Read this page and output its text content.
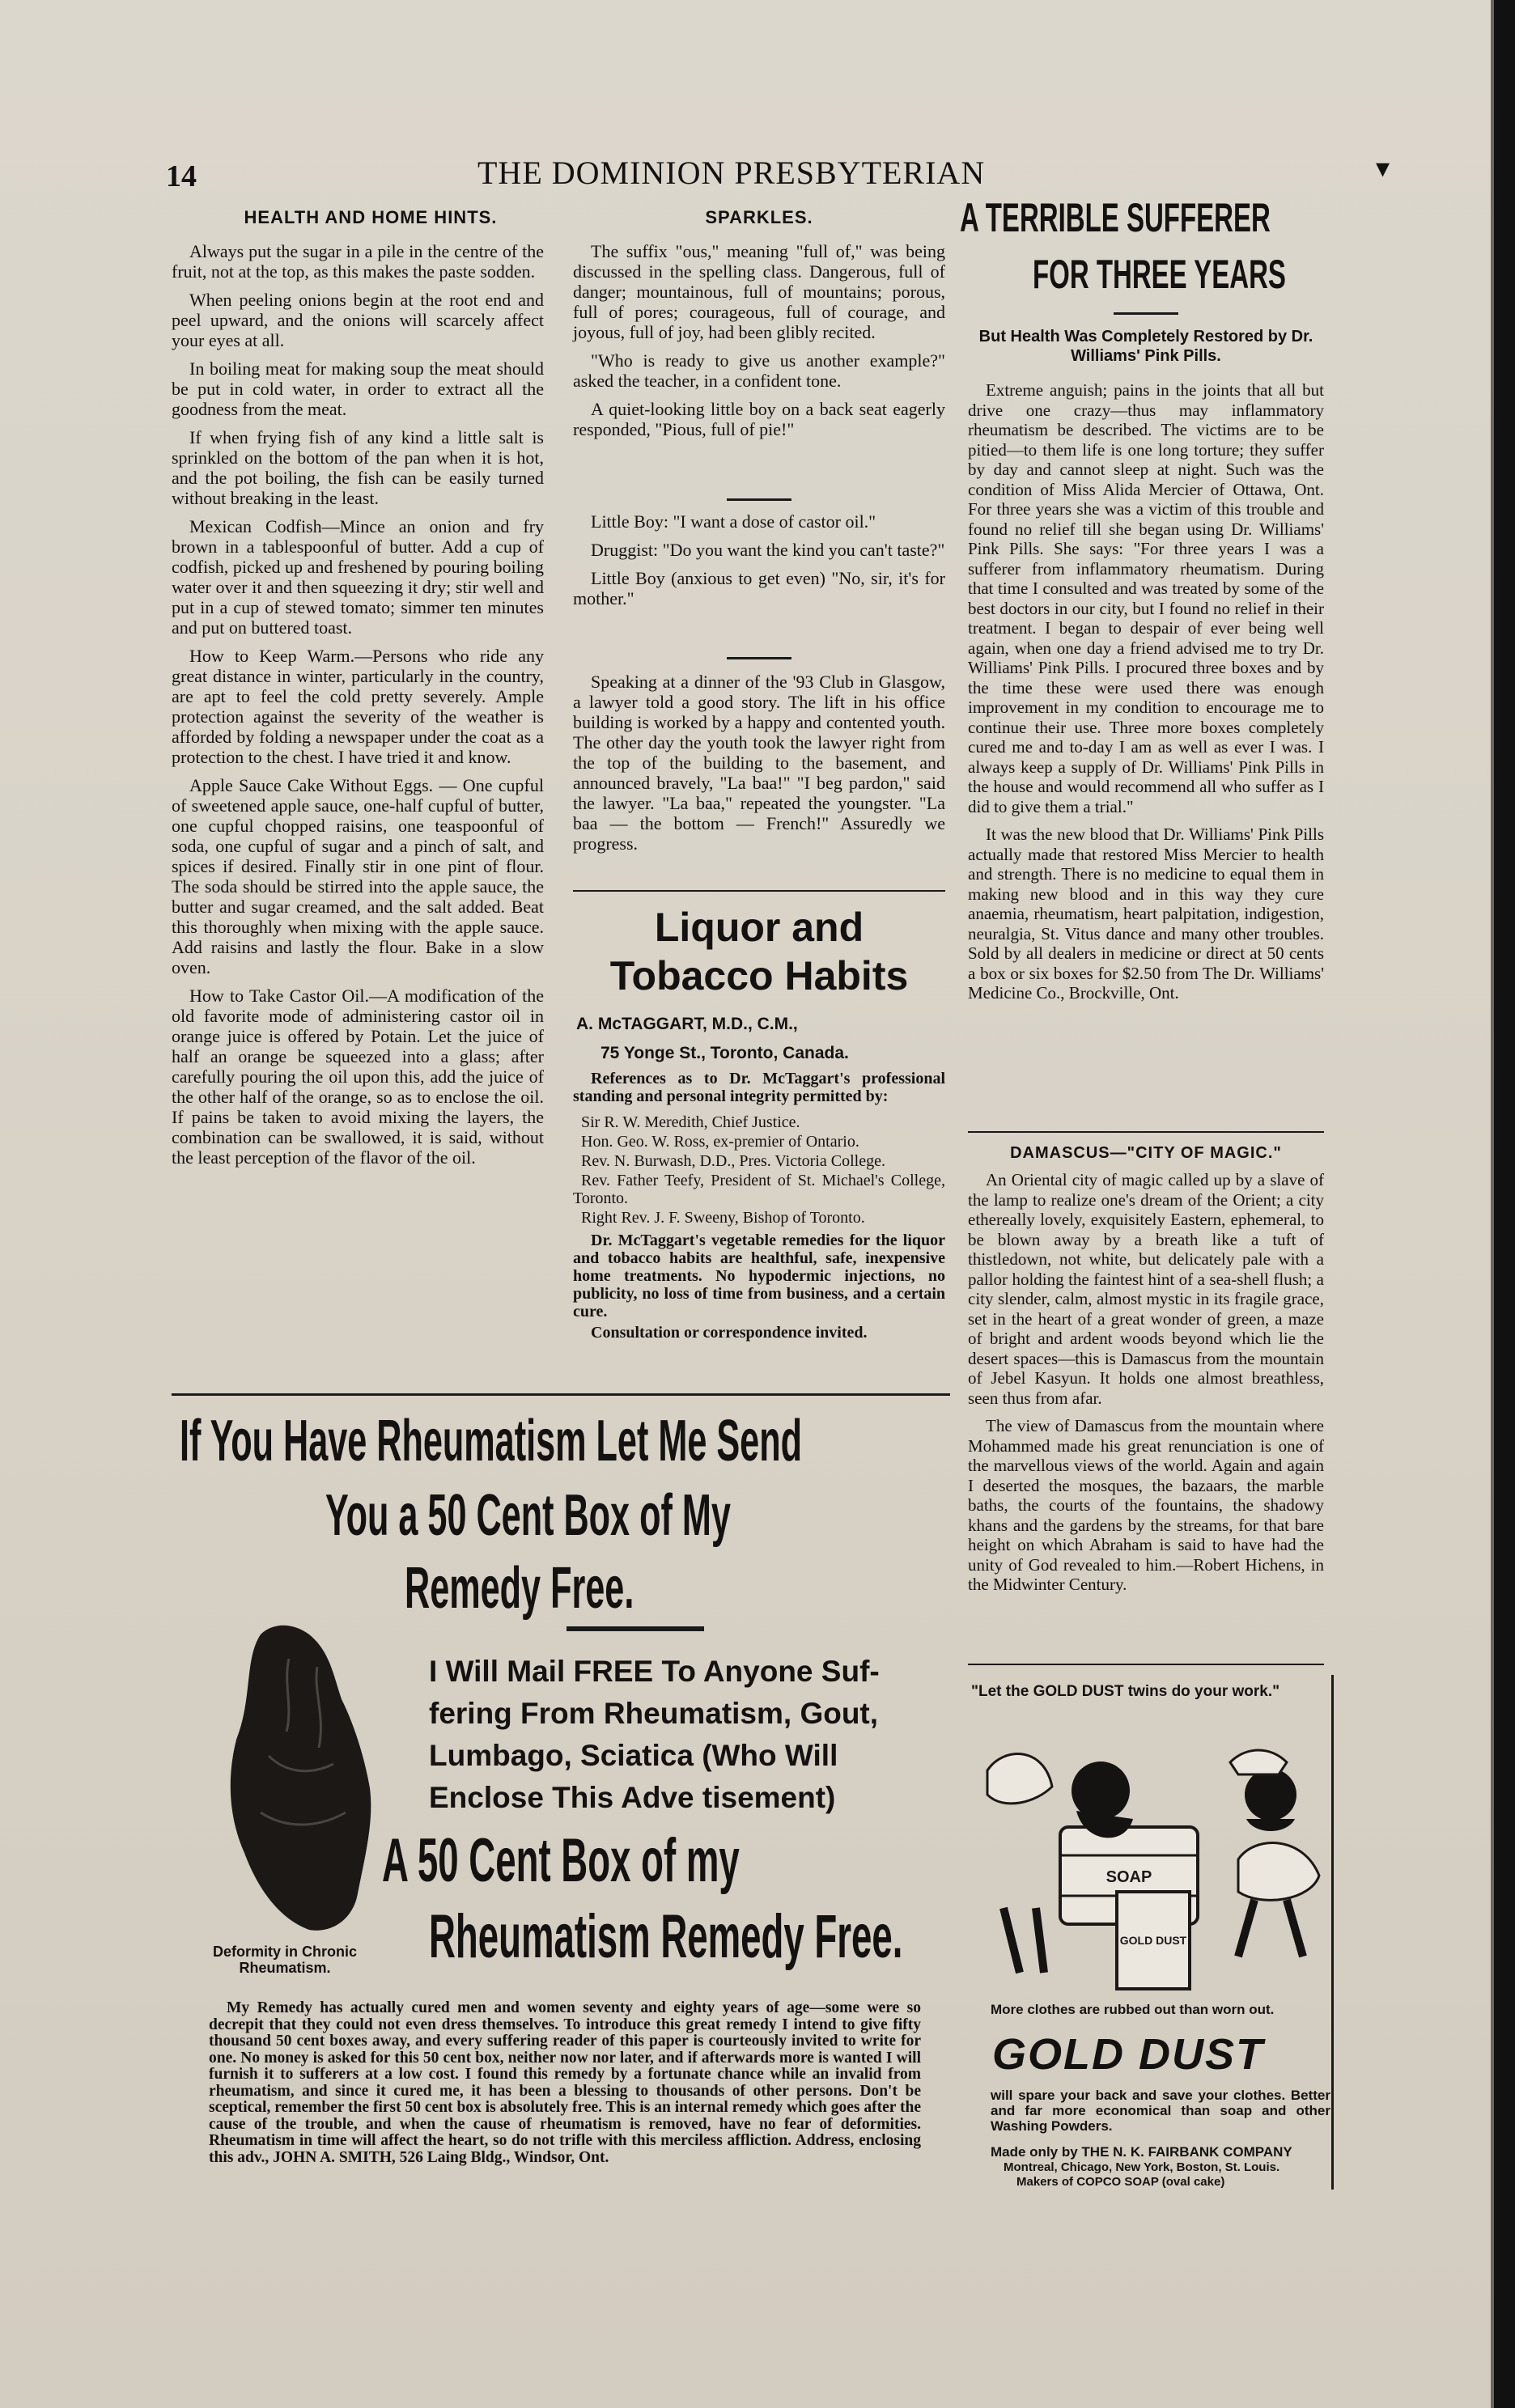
14	THE DOMINION PRESBYTERIAN	▾
HEALTH AND HOME HINTS.

Always put the sugar in a pile in the centre of the fruit, not at the top, as this makes the paste sodden.

When peeling onions begin at the root end and peel upward, and the onions will scarcely affect your eyes at all.

In boiling meat for making soup the meat should be put in cold water, in order to extract all the goodness from the meat.

If when frying fish of any kind a little salt is sprinkled on the bottom of the pan when it is hot, and the pot boiling, the fish can be easily turned without breaking in the least.

Mexican Codfish—Mince an onion and fry brown in a tablespoonful of butter. Add a cup of codfish, picked up and freshened by pouring boiling water over it and then squeezing it dry; stir well and put in a cup of stewed tomato; simmer ten minutes and put on buttered toast.

How to Keep Warm.—Persons who ride any great distance in winter, particularly in the country, are apt to feel the cold pretty severely. Ample protection against the severity of the weather is afforded by folding a newspaper under the coat as a protection to the chest. I have tried it and know.

Apple Sauce Cake Without Eggs. — One cupful of sweetened apple sauce, one-half cupful of butter, one cupful chopped raisins, one teaspoonful of soda, one cupful of sugar and a pinch of salt, and spices if desired. Finally stir in one pint of flour. The soda should be stirred into the apple sauce, the butter and sugar creamed, and the salt added. Beat this thoroughly when mixing with the apple sauce. Add raisins and lastly the flour. Bake in a slow oven.

How to Take Castor Oil.—A modification of the old favorite mode of administering castor oil in orange juice is offered by Potain. Let the juice of half an orange be squeezed into a glass; after carefully pouring the oil upon this, add the juice of the other half of the orange, so as to enclose the oil. If pains be taken to avoid mixing the layers, the combination can be swallowed, it is said, without the least perception of the flavor of the oil.

SPARKLES.

The suffix "ous," meaning "full of," was being discussed in the spelling class. Dangerous, full of danger; mountainous, full of mountains; porous, full of pores; courageous, full of courage, and joyous, full of joy, had been glibly recited.

"Who is ready to give us another example?" asked the teacher, in a confident tone.

A quiet-looking little boy on a back seat eagerly responded, "Pious, full of pie!"

Little Boy: "I want a dose of castor oil."

Druggist: "Do you want the kind you can't taste?"

Little Boy (anxious to get even) "No, sir, it's for mother."

Speaking at a dinner of the '93 Club in Glasgow, a lawyer told a good story. The lift in his office building is worked by a happy and contented youth. The other day the youth took the lawyer right from the top of the building to the basement, and announced bravely, "La baa!" "I beg pardon," said the lawyer. "La baa," repeated the youngster. "La baa — the bottom — French!" Assuredly we progress.

Liquor and
Tobacco Habits
A. McTAGGART, M.D., C.M.,
75 Yonge St., Toronto, Canada.

References as to Dr. McTaggart's professional standing and personal integrity permitted by:

Sir R. W. Meredith, Chief Justice.
Hon. Geo. W. Ross, ex-premier of Ontario.
Rev. N. Burwash, D.D., Pres. Victoria College.
Rev. Father Teefy, President of St. Michael's College, Toronto.
Right Rev. J. F. Sweeny, Bishop of Toronto.

Dr. McTaggart's vegetable remedies for the liquor and tobacco habits are healthful, safe, inexpensive home treatments. No hypodermic injections, no publicity, no loss of time from business, and a certain cure.

Consultation or correspondence invited.

A TERRIBLE SUFFERER
FOR THREE YEARS
But Health Was Completely Restored by Dr. Williams' Pink Pills.

Extreme anguish; pains in the joints that all but drive one crazy—thus may inflammatory rheumatism be described. The victims are to be pitied—to them life is one long torture; they suffer by day and cannot sleep at night. Such was the condition of Miss Alida Mercier of Ottawa, Ont. For three years she was a victim of this trouble and found no relief till she began using Dr. Williams' Pink Pills. She says: "For three years I was a sufferer from inflammatory rheumatism. During that time I consulted and was treated by some of the best doctors in our city, but I found no relief in their treatment. I began to despair of ever being well again, when one day a friend advised me to try Dr. Williams' Pink Pills. I procured three boxes and by the time these were used there was enough improvement in my condition to encourage me to continue their use. Three more boxes completely cured me and to-day I am as well as ever I was. I always keep a supply of Dr. Williams' Pink Pills in the house and would recommend all who suffer as I did to give them a trial."

It was the new blood that Dr. Williams' Pink Pills actually made that restored Miss Mercier to health and strength. There is no medicine to equal them in making new blood and in this way they cure anaemia, rheumatism, heart palpitation, indigestion, neuralgia, St. Vitus dance and many other troubles. Sold by all dealers in medicine or direct at 50 cents a box or six boxes for $2.50 from The Dr. Williams' Medicine Co., Brockville, Ont.

DAMASCUS—"CITY OF MAGIC."

An Oriental city of magic called up by a slave of the lamp to realize one's dream of the Orient; a city ethereally lovely, exquisitely Eastern, ephemeral, to be blown away by a breath like a tuft of thistledown, not white, but delicately pale with a pallor holding the faintest hint of a sea-shell flush; a city slender, calm, almost mystic in its fragile grace, set in the heart of a great wonder of green, a maze of bright and ardent woods beyond which lie the desert spaces—this is Damascus from the mountain of Jebel Kasyun. It holds one almost breathless, seen thus from afar.

The view of Damascus from the mountain where Mohammed made his great renunciation is one of the marvellous views of the world. Again and again I deserted the mosques, the bazaars, the marble baths, the courts of the fountains, the shadowy khans and the gardens by the streams, for that bare height on which Abraham is said to have had the unity of God revealed to him.—Robert Hichens, in the Midwinter Century.

If You Have Rheumatism Let Me Send
You a 50 Cent Box of My
Remedy Free.
Deformity in Chronic Rheumatism.
I Will Mail FREE To Anyone Suf-
fering From Rheumatism, Gout,
Lumbago, Sciatica (Who Will
Enclose This Adve tisement)
A 50 Cent Box of my
Rheumatism Remedy Free.

My Remedy has actually cured men and women seventy and eighty years of age—some were so decrepit that they could not even dress themselves. To introduce this great remedy I intend to give fifty thousand 50 cent boxes away, and every suffering reader of this paper is courteously invited to write for one. No money is asked for this 50 cent box, neither now nor later, and if afterwards more is wanted I will furnish it to sufferers at a low cost. I found this remedy by a fortunate chance while an invalid from rheumatism, and since it cured me, it has been a blessing to thousands of other persons. Don't be sceptical, remember the first 50 cent box is absolutely free. This is an internal remedy which goes after the cause of the trouble, and when the cause of rheumatism is removed, have no fear of deformities. Rheumatism in time will affect the heart, so do not trifle with this merciless affliction. Address, enclosing this adv., JOHN A. SMITH, 526 Laing Bldg., Windsor, Ont.

"Let the GOLD DUST twins do your work."
SOAP
GOLD DUST
More clothes are rubbed out than worn out.
GOLD DUST
will spare your back and save your clothes. Better and far more economical than soap and other Washing Powders.
Made only by THE N. K. FAIRBANK COMPANY
Montreal, Chicago, New York, Boston, St. Louis.
Makers of COPCO SOAP (oval cake)
